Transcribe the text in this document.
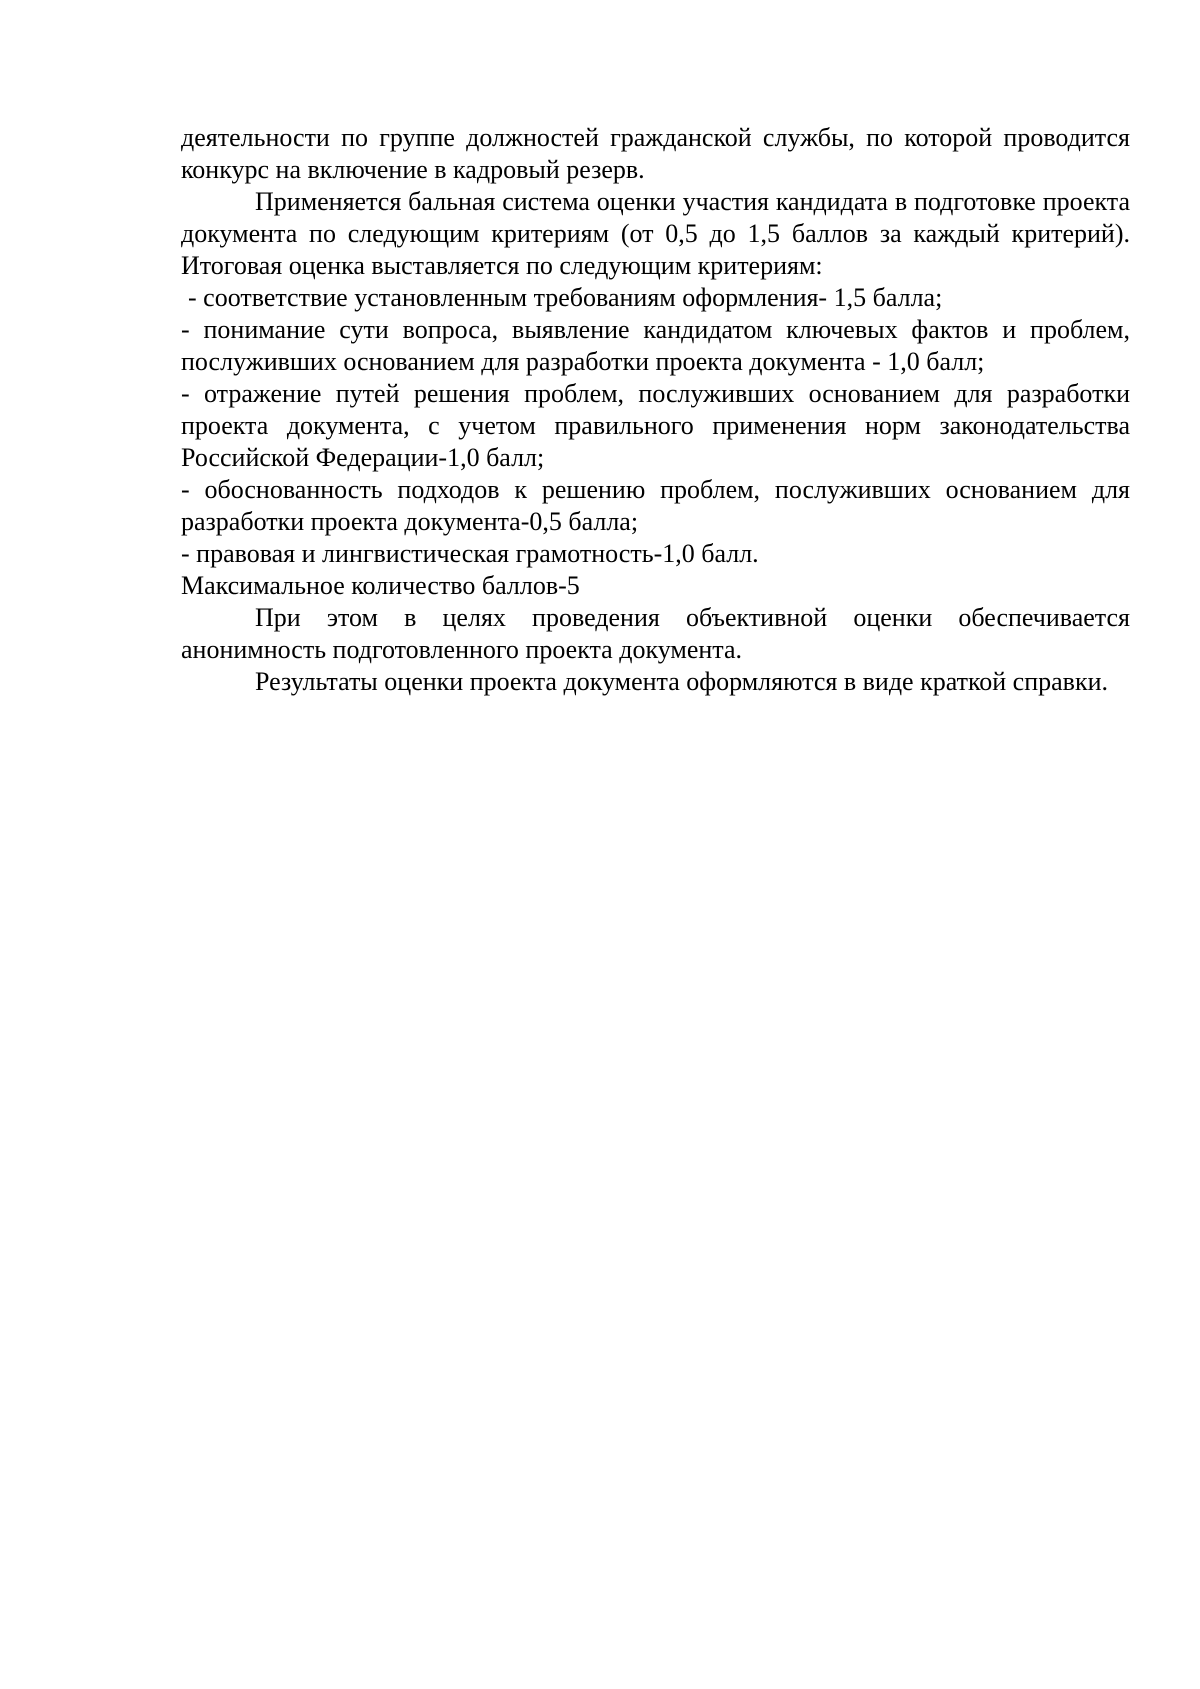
деятельности по группе должностей гражданской службы, по которой проводится конкурс на включение в кадровый резерв.

Применяется бальная система оценки участия кандидата в подготовке проекта документа по следующим критериям (от 0,5 до 1,5 баллов за каждый критерий). Итоговая оценка выставляется по следующим критериям:

- соответствие установленным требованиям оформления- 1,5 балла;

- понимание сути вопроса, выявление кандидатом ключевых фактов и проблем, послуживших основанием для разработки проекта документа - 1,0 балл;

- отражение путей решения проблем, послуживших основанием для разработки проекта документа, с учетом правильного применения норм законодательства Российской Федерации-1,0 балл;

- обоснованность подходов к решению проблем, послуживших основанием для разработки проекта документа-0,5 балла;

- правовая и лингвистическая грамотность-1,0 балл.

Максимальное количество баллов-5

При этом в целях проведения объективной оценки обеспечивается анонимность подготовленного проекта документа.

Результаты оценки проекта документа оформляются в виде краткой справки.
